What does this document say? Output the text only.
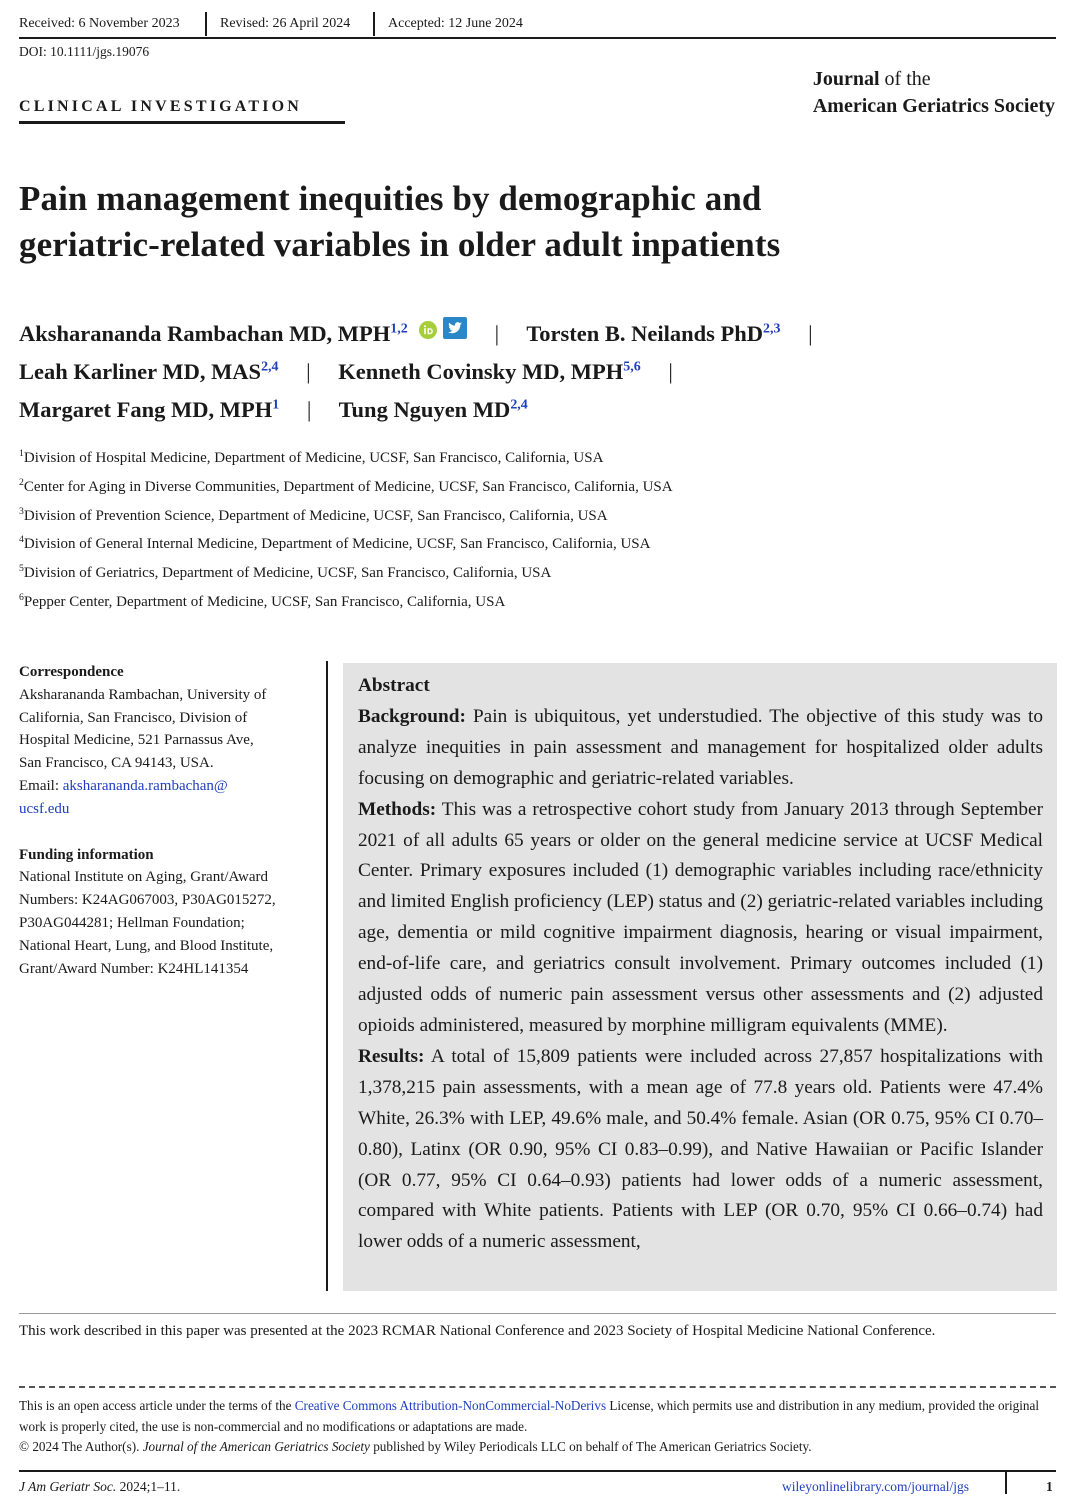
Received: 6 November 2023	Revised: 26 April 2024	Accepted: 12 June 2024
DOI: 10.1111/jgs.19076
CLINICAL INVESTIGATION
Journal of the
American Geriatrics Society
Pain management inequities by demographic and
geriatric-related variables in older adult inpatients
Aksharananda Rambachan MD, MPH$^{1,2}$	| Torsten B. Neilands PhD$^{2,3}$ |
Leah Karliner MD, MAS$^{2,4}$ | Kenneth Covinsky MD, MPH$^{5,6}$ |
Margaret Fang MD, MPH$^1$ | Tung Nguyen MD$^{2,4}$
$^1$Division of Hospital Medicine, Department of Medicine, UCSF, San Francisco, California, USA
$^2$Center for Aging in Diverse Communities, Department of Medicine, UCSF, San Francisco, California, USA
$^3$Division of Prevention Science, Department of Medicine, UCSF, San Francisco, California, USA
$^4$Division of General Internal Medicine, Department of Medicine, UCSF, San Francisco, California, USA
$^5$Division of Geriatrics, Department of Medicine, UCSF, San Francisco, California, USA
$^6$Pepper Center, Department of Medicine, UCSF, San Francisco, California, USA
Correspondence
Aksharananda Rambachan, University of
California, San Francisco, Division of
Hospital Medicine, 521 Parnassus Ave,
San Francisco, CA 94143, USA.
Email: aksharananda.rambachan@
ucsf.edu
Funding information
National Institute on Aging, Grant/Award
Numbers: K24AG067003, P30AG015272,
P30AG044281; Hellman Foundation;
National Heart, Lung, and Blood Institute,
Grant/Award Number: K24HL141354

Abstract

Background: Pain is ubiquitous, yet understudied. The objective of this study was to analyze inequities in pain assessment and management for hospitalized older adults focusing on demographic and geriatric-related variables.

Methods: This was a retrospective cohort study from January 2013 through September 2021 of all adults 65 years or older on the general medicine service at UCSF Medical Center. Primary exposures included (1) demographic variables including race/ethnicity and limited English proficiency (LEP) status and (2) geriatric-related variables including age, dementia or mild cognitive impairment diagnosis, hearing or visual impairment, end-of-life care, and geriatrics consult involvement. Primary outcomes included (1) adjusted odds of numeric pain assessment versus other assessments and (2) adjusted opioids administered, measured by morphine milligram equivalents (MME).

Results: A total of 15,809 patients were included across 27,857 hospitalizations with 1,378,215 pain assessments, with a mean age of 77.8 years old. Patients were 47.4% White, 26.3% with LEP, 49.6% male, and 50.4% female. Asian (OR 0.75, 95% CI 0.70–0.80), Latinx (OR 0.90, 95% CI 0.83–0.99), and Native Hawaiian or Pacific Islander (OR 0.77, 95% CI 0.64–0.93) patients had lower odds of a numeric assessment, compared with White patients. Patients with LEP (OR 0.70, 95% CI 0.66–0.74) had lower odds of a numeric assessment,

This work described in this paper was presented at the 2023 RCMAR National Conference and 2023 Society of Hospital Medicine National Conference.
This is an open access article under the terms of the Creative Commons Attribution-NonCommercial-NoDerivs License, which permits use and distribution in any medium, provided the original work is properly cited, the use is non-commercial and no modifications or adaptations are made.
© 2024 The Author(s). Journal of the American Geriatrics Society published by Wiley Periodicals LLC on behalf of The American Geriatrics Society.
J Am Geriatr Soc. 2024;1–11.	wileyonlinelibrary.com/journal/jgs	1
